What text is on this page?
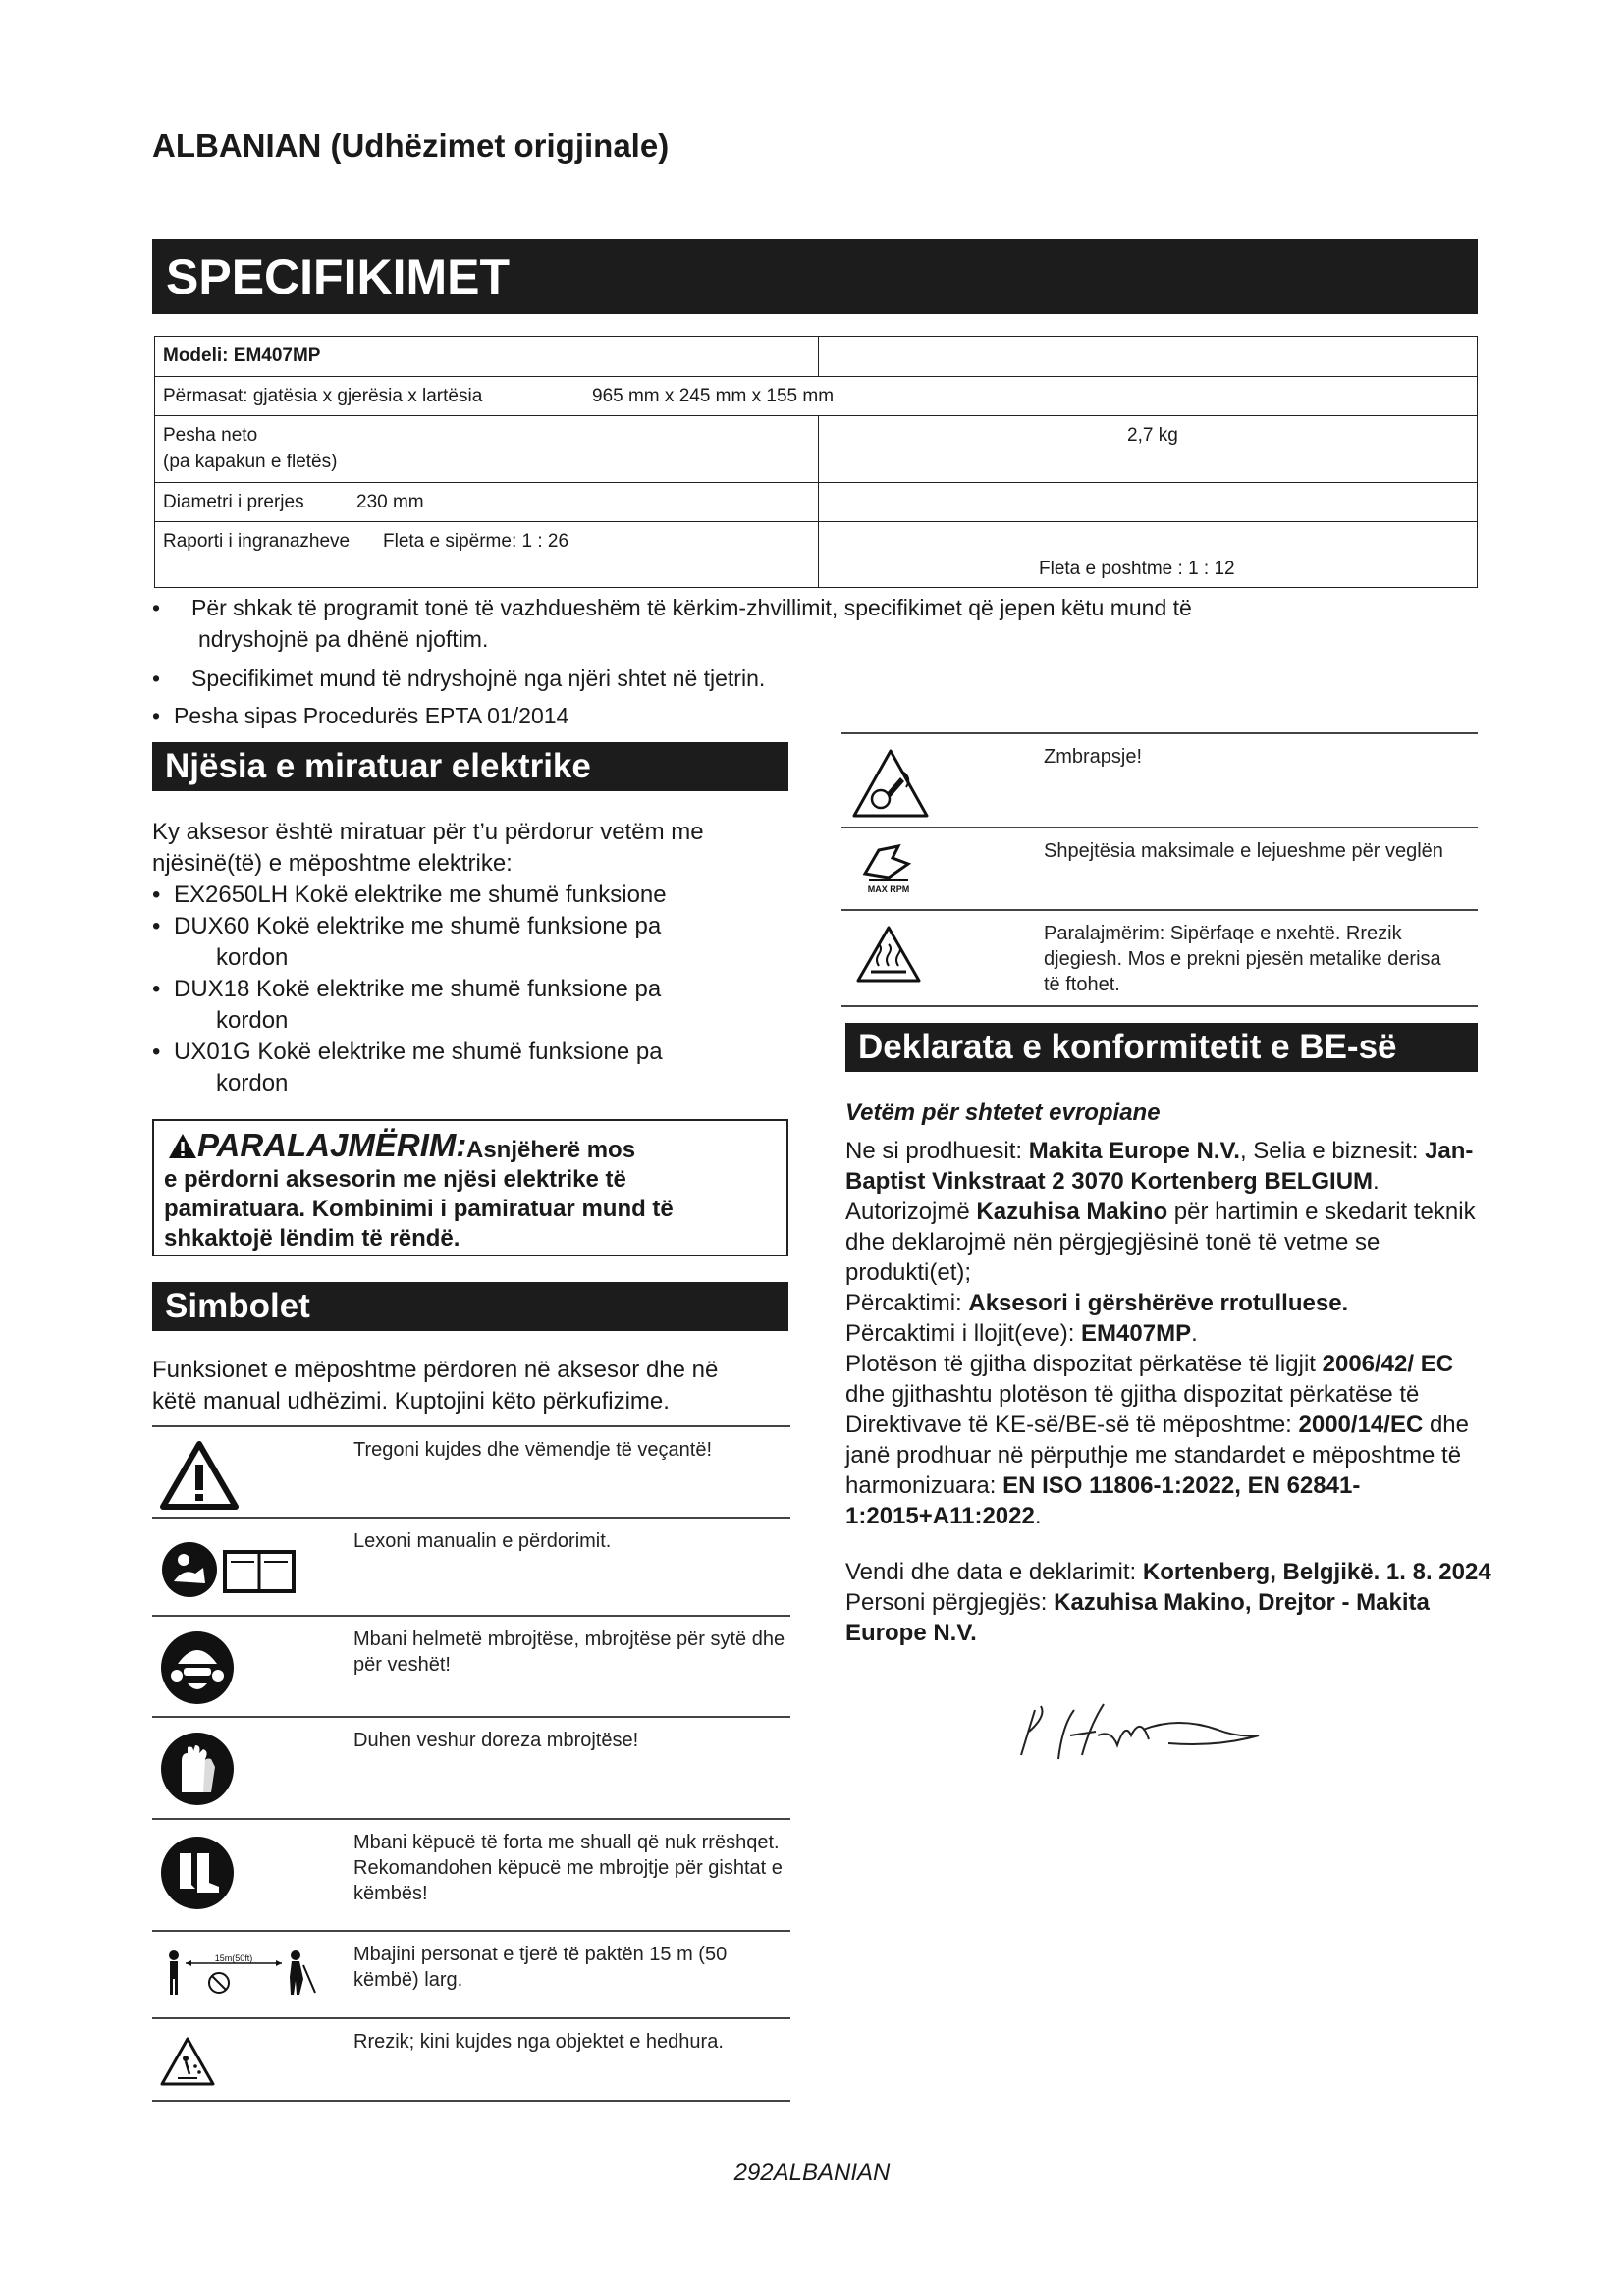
ALBANIAN (Udhëzimet origjinale)
SPECIFIKIMET
Modeli: EM407MP
Përmasat: gjatësia x gjerësia x lartësia	965 mm x 245 mm x 155 mm
Pesha neto
(pa kapakun e fletës)
2,7 kg
Diametri i prerjes	230 mm
Raporti i ingranazheve Fleta e sipërme: 1 : 26
Fleta e poshtme : 1 : 12
• Për shkak të programit tonë të vazhdueshëm të kërkim-zhvillimit, specifikimet që jepen këtu mund të
ndryshojnë pa dhënë njoftim.
• Specifikimet mund të ndryshojnë nga njëri shtet në tjetrin.
• Pesha sipas Procedurës EPTA 01/2014
Njësia e miratuar elektrike
Ky aksesor është miratuar për t’u përdorur vetëm me
njësinë(të) e mëposhtme elektrike:
• EX2650LH Kokë elektrike me shumë funksione
• DUX60 Kokë elektrike me shumë funksione pa
kordon
• DUX18 Kokë elektrike me shumë funksione pa
kordon
• UX01G Kokë elektrike me shumë funksione pa
kordon
PARALAJMËRIM: Asnjëherë mos
e përdorni aksesorin me njësi elektrike të
pamiratuara. Kombinimi i pamiratuar mund të
shkaktojë lëndim të rëndë.
Simbolet
Funksionet e mëposhtme përdoren në aksesor dhe në
këtë manual udhëzimi. Kuptojini këto përkufizime.
Tregoni kujdes dhe vëmendje të veçantë!
Lexoni manualin e përdorimit.
Mbani helmetë mbrojtëse, mbrojtëse për sytë dhe për veshët!
Duhen veshur doreza mbrojtëse!
Mbani këpucë të forta me shuall që nuk rrëshqet. Rekomandohen këpucë me mbrojtje për gishtat e këmbës!
15m(50ft)	Mbajini personat e tjerë të paktën 15 m (50 këmbë) larg.
Rrezik; kini kujdes nga objektet e hedhura.
Zmbrapsje!
MAX RPM
Shpejtësia maksimale e lejueshme për veglën
Paralajmërim: Sipërfaqe e nxehtë. Rrezik djegiesh. Mos e prekni pjesën metalike derisa të ftohet.
Deklarata e konformitetit e BE-së
Vetëm për shtetet evropiane
Ne si prodhuesit: Makita Europe N.V., Selia e biznesit: Jan-Baptist Vinkstraat 2 3070 Kortenberg BELGIUM.
Autorizojmë Kazuhisa Makino për hartimin e skedarit teknik dhe deklarojmë nën përgjegjësinë tonë të vetme se produkti(et);
Përcaktimi: Aksesori i gërshërëve rrotulluese.
Përcaktimi i llojit(eve): EM407MP.
Plotëson të gjitha dispozitat përkatëse të ligjit 2006/42/ EC dhe gjithashtu plotëson të gjitha dispozitat përkatëse të Direktivave të KE-së/BE-së të mëposhtme: 2000/14/EC dhe janë prodhuar në përputhje me standardet e mëposhtme të harmonizuara: EN ISO 11806-1:2022, EN 62841-1:2015+A11:2022.
Vendi dhe data e deklarimit: Kortenberg, Belgjikë. 1. 8. 2024
Personi përgjegjës: Kazuhisa Makino, Drejtor - Makita Europe N.V.
292ALBANIAN
